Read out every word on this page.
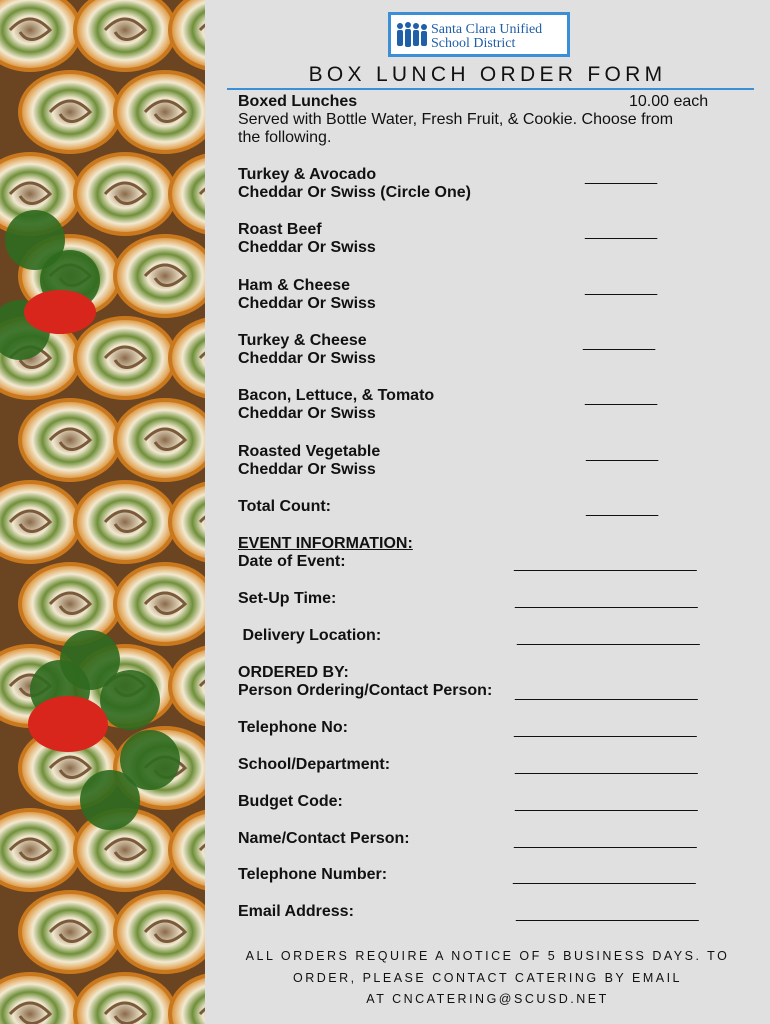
Santa Clara Unified
School District
BOX LUNCH ORDER FORM
Boxed Lunches	10.00 each
Served with Bottle Water, Fresh Fruit, & Cookie. Choose from
the following.
Turkey & Avocado
Cheddar Or Swiss (Circle One)
_________
Roast Beef
Cheddar Or Swiss
_________
Ham & Cheese
Cheddar Or Swiss
_________
Turkey & Cheese
Cheddar Or Swiss
_________
Bacon, Lettuce, & Tomato
Cheddar Or Swiss
_________
Roasted Vegetable
Cheddar Or Swiss
_________
Total Count:	_________
EVENT INFORMATION:
Date of Event:	_______________________
Set-Up Time:	_______________________
Delivery Location:	_______________________
ORDERED BY:
Person Ordering/Contact Person: _______________________
Telephone No:	_______________________
School/Department:	_______________________
Budget Code:	_______________________
Name/Contact Person:	_______________________
Telephone Number:	_______________________
Email Address:	_______________________
ALL ORDERS REQUIRE A NOTICE OF 5 BUSINESS DAYS. TO
ORDER, PLEASE CONTACT CATERING BY EMAIL
AT CNCATERING@SCUSD.NET
